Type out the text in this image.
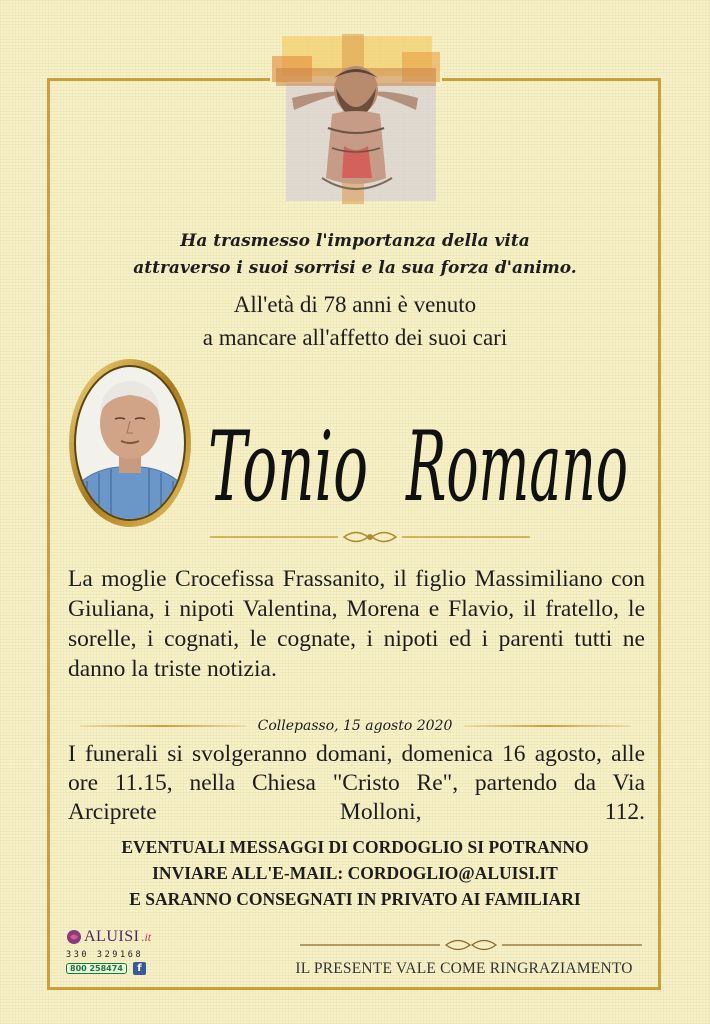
Ha trasmesso l'importanza della vita
attraverso i suoi sorrisi e la sua forza d'animo.
All'età di 78 anni è venuto
a mancare all'affetto dei suoi cari
Tonio Romano
La moglie Crocefissa Frassanito, il figlio Massimiliano con Giuliana, i nipoti Valentina, Morena e Flavio, il fratello, le sorelle, i cognati, le cognate, i nipoti ed i parenti tutti ne danno la triste notizia.
Collepasso, 15 agosto 2020
I funerali si svolgeranno domani, domenica 16 agosto, alle ore 11.15, nella Chiesa "Cristo Re", partendo da Via Arciprete Molloni, 112.
EVENTUALI MESSAGGI DI CORDOGLIO SI POTRANNO
INVIARE ALL'E-MAIL: CORDOGLIO@ALUISI.IT
E SARANNO CONSEGNATI IN PRIVATO AI FAMILIARI
ALUISI .it
330 329168
800 258474	f	IL PRESENTE VALE COME RINGRAZIAMENTO
